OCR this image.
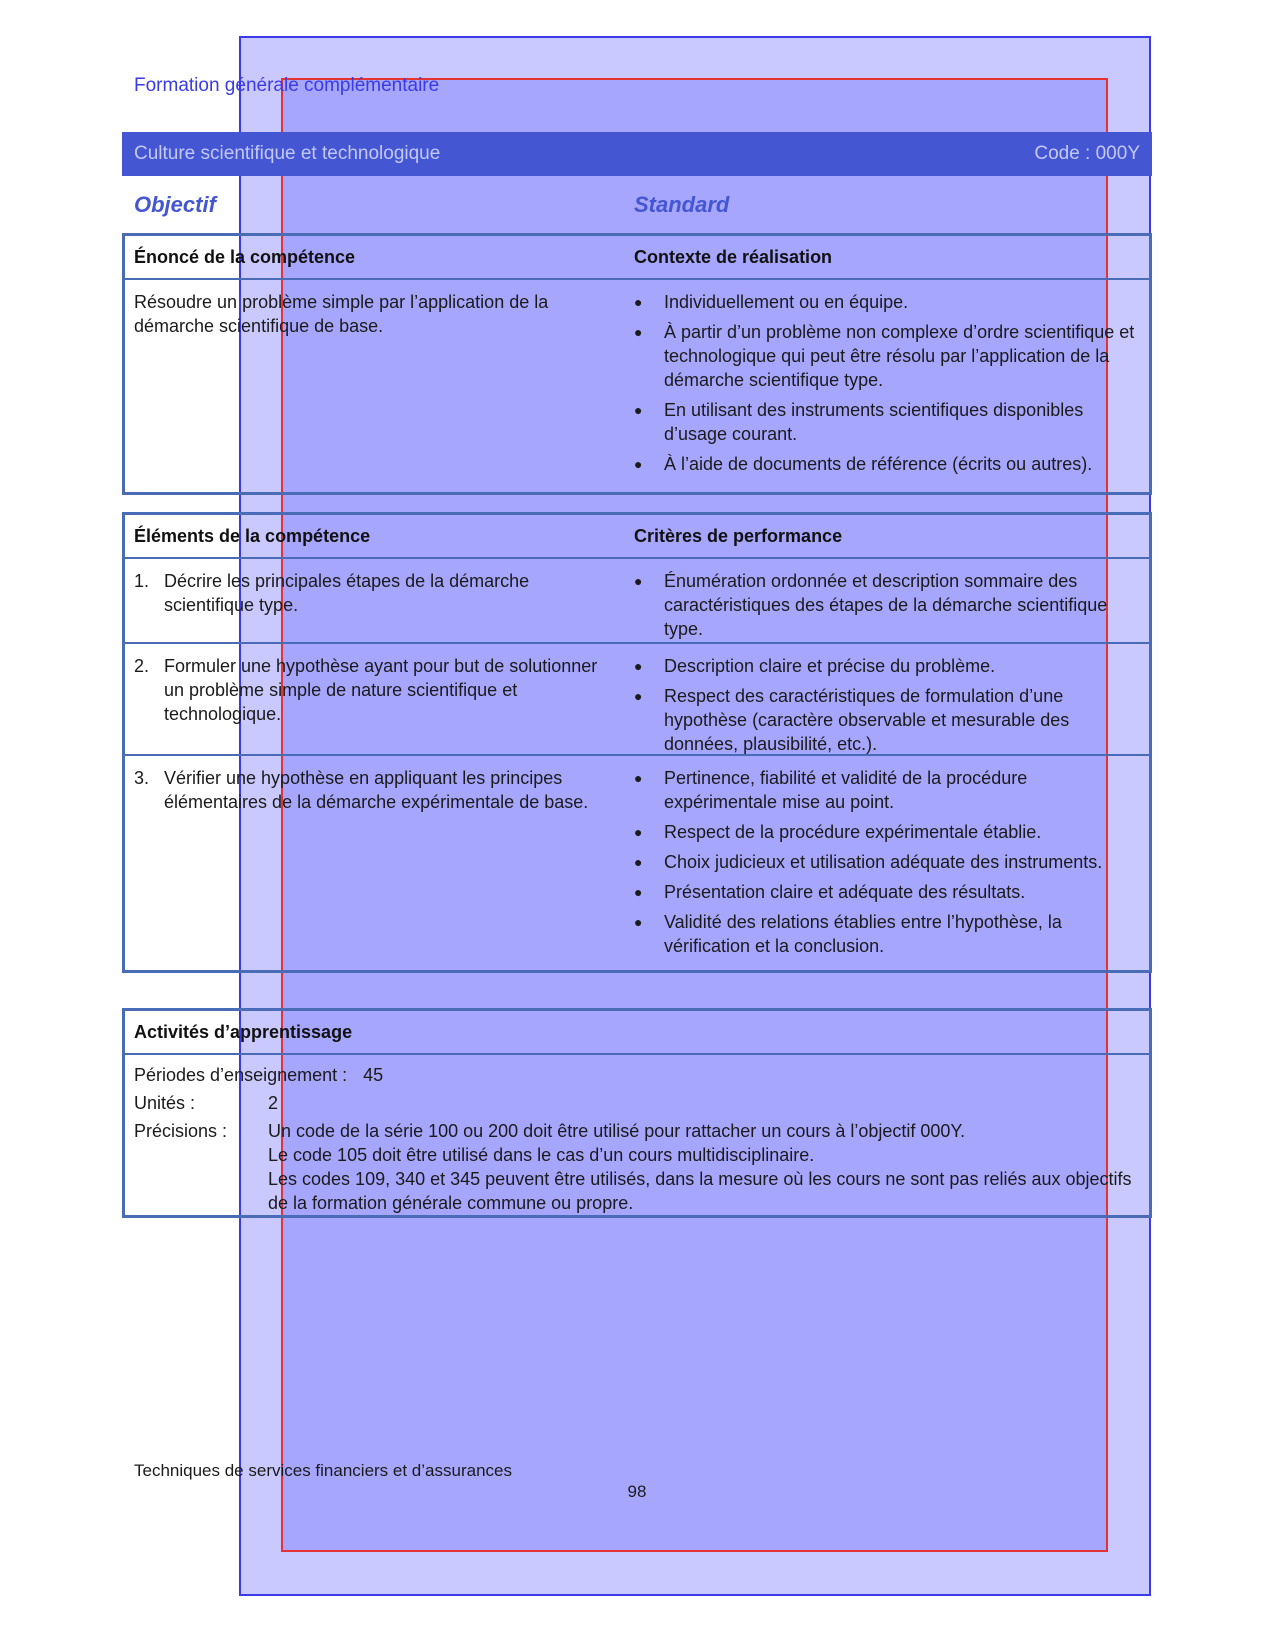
Formation générale complémentaire
Culture scientifique et technologique	Code : 000Y
Objectif	Standard
Énoncé de la compétence	Contexte de réalisation
Résoudre un problème simple par l’application de la démarche scientifique de base.
●	Individuellement ou en équipe.
●	À partir d’un problème non complexe d’ordre scientifique et technologique qui peut être résolu par l’application de la démarche scientifique type.
●	En utilisant des instruments scientifiques disponibles d’usage courant.
●	À l’aide de documents de référence (écrits ou autres).
Éléments de la compétence	Critères de performance
1. Décrire les principales étapes de la démarche scientifique type.
●	Énumération ordonnée et description sommaire des caractéristiques des étapes de la démarche scientifique type.
2. Formuler une hypothèse ayant pour but de solutionner un problème simple de nature scientifique et technologique.
●	Description claire et précise du problème.
●	Respect des caractéristiques de formulation d’une hypothèse (caractère observable et mesurable des données, plausibilité, etc.).
3. Vérifier une hypothèse en appliquant les principes élémentaires de la démarche expérimentale de base.
●	Pertinence, fiabilité et validité de la procédure expérimentale mise au point.
●	Respect de la procédure expérimentale établie.
●	Choix judicieux et utilisation adéquate des instruments.
●	Présentation claire et adéquate des résultats.
●	Validité des relations établies entre l’hypothèse, la vérification et la conclusion.
Activités d’apprentissage
Périodes d’enseignement : 45
Unités :	2
Précisions :	Un code de la série 100 ou 200 doit être utilisé pour rattacher un cours à l’objectif 000Y.
Le code 105 doit être utilisé dans le cas d’un cours multidisciplinaire.
Les codes 109, 340 et 345 peuvent être utilisés, dans la mesure où les cours ne sont pas reliés aux objectifs de la formation générale commune ou propre.
Techniques de services financiers et d’assurances
98
